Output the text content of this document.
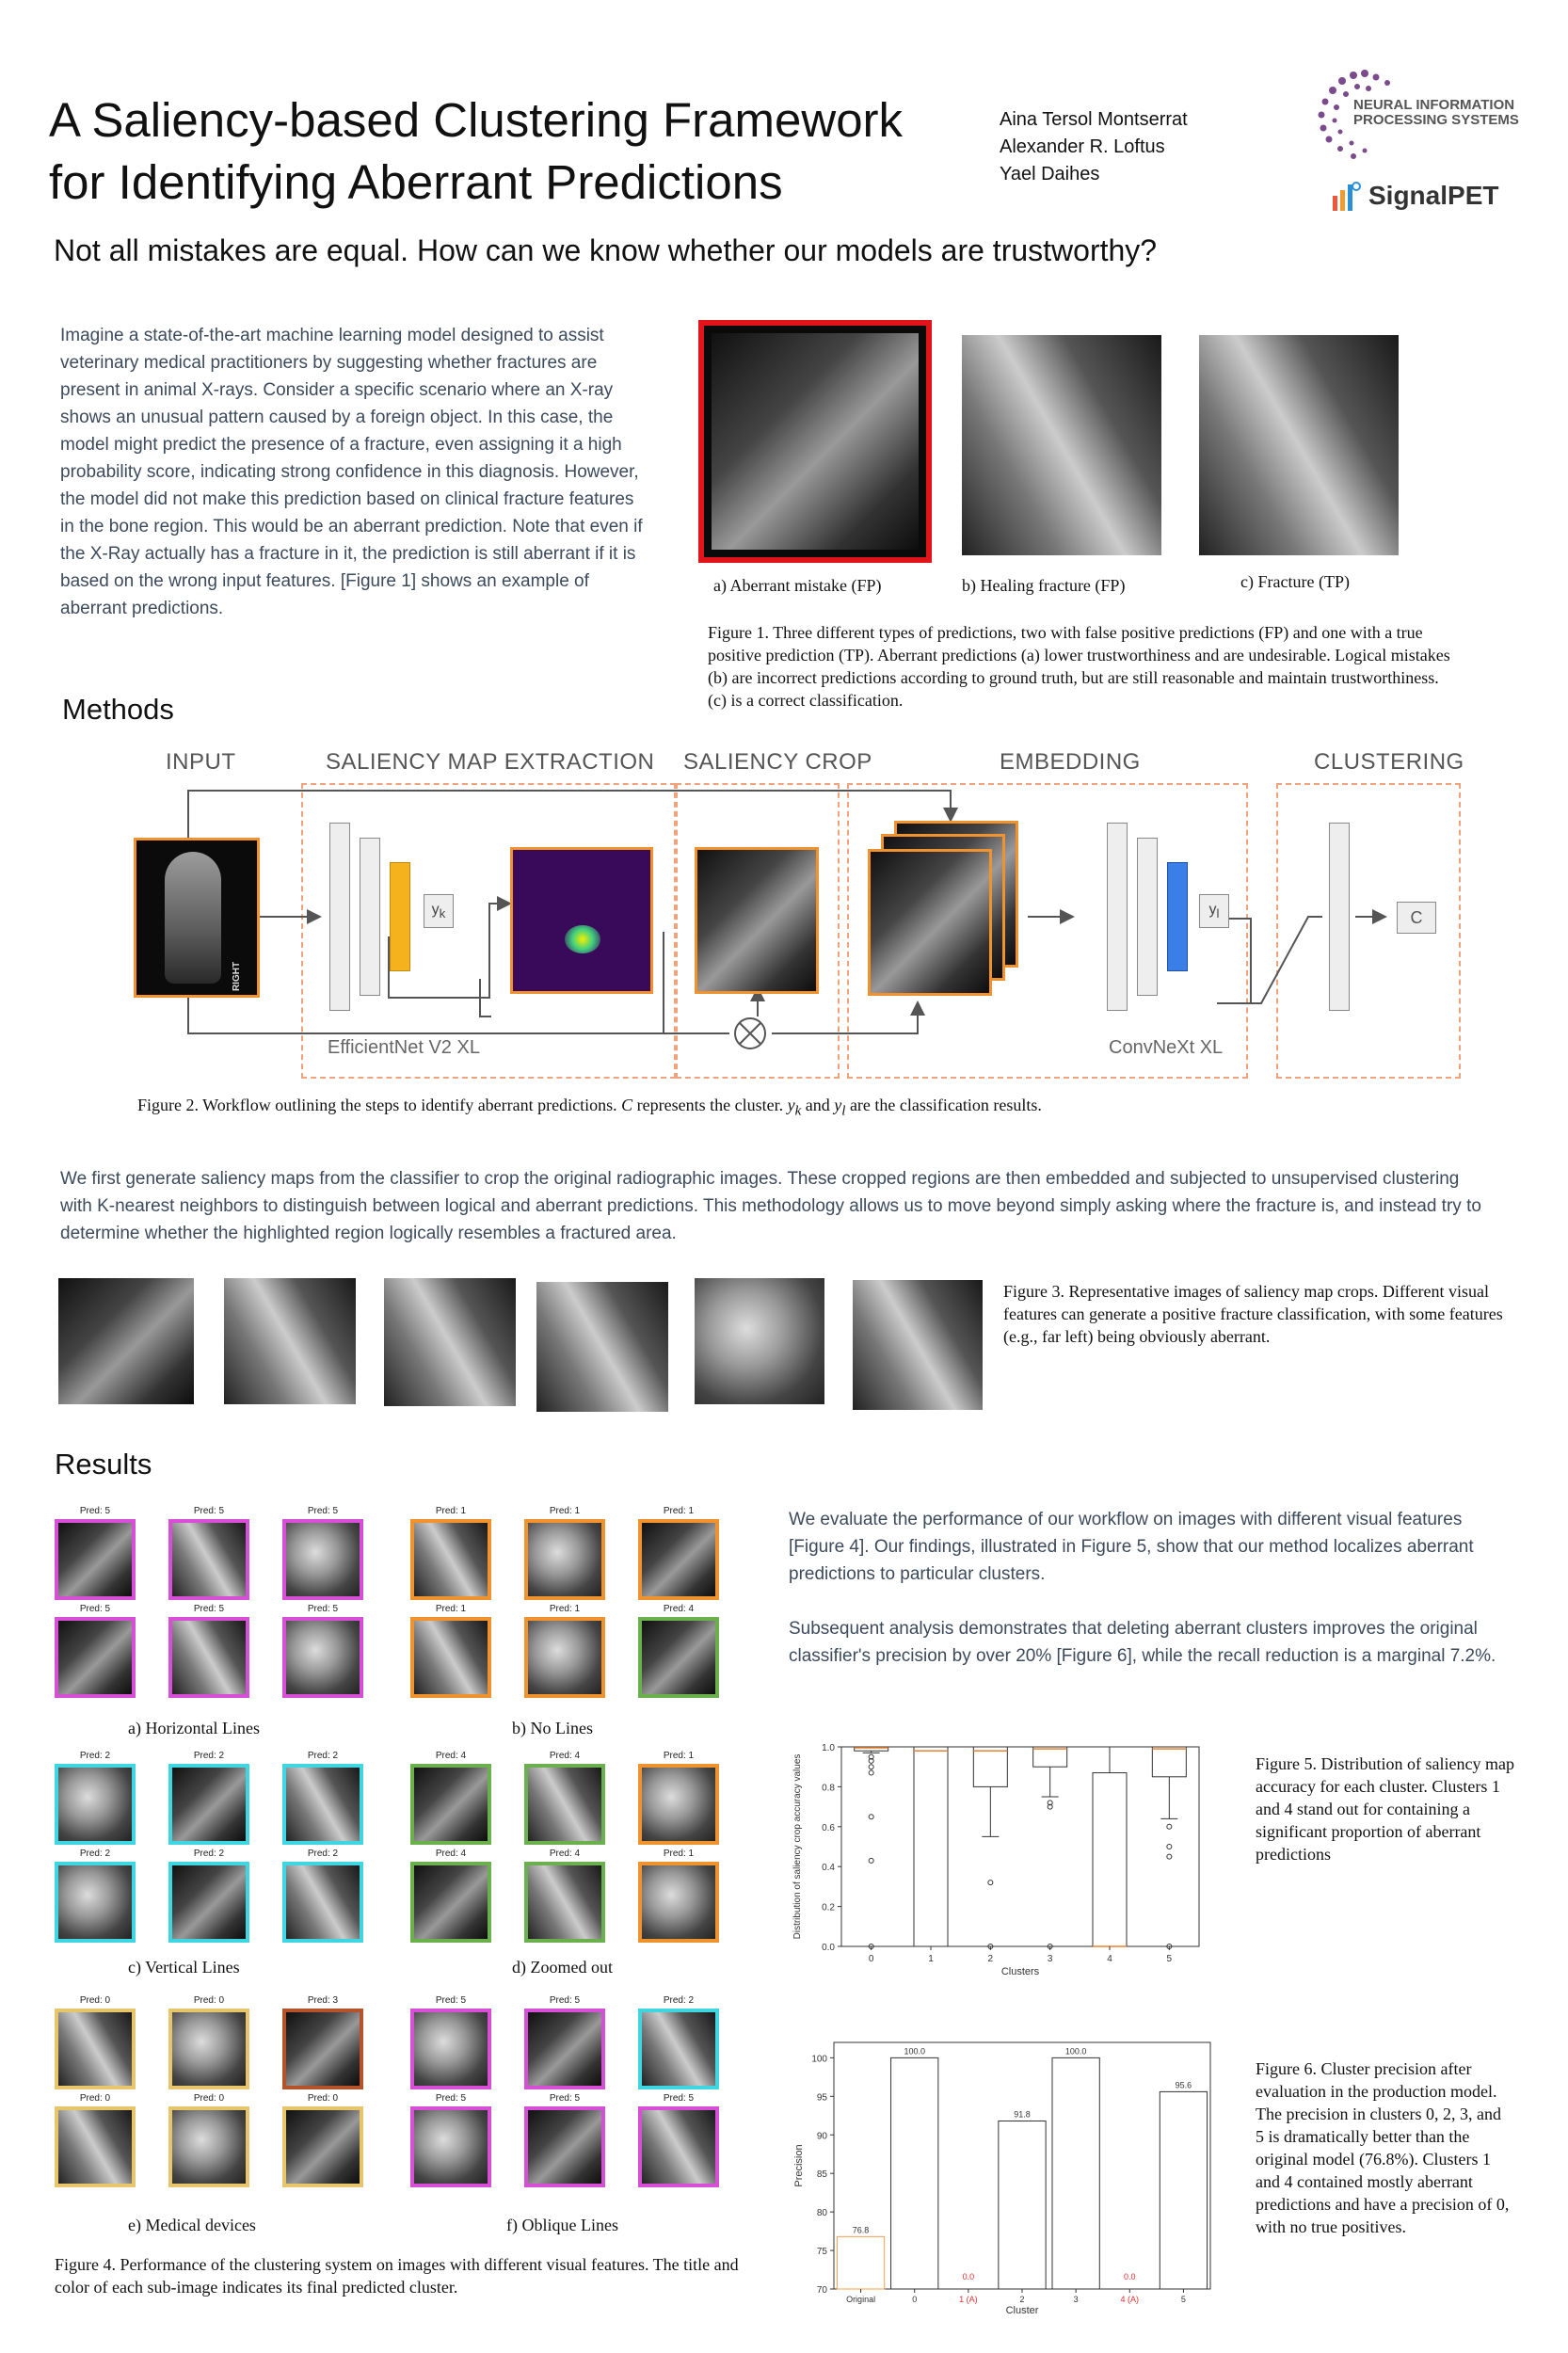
A Saliency-based Clustering Framework
for Identifying Aberrant Predictions
Aina Tersol Montserrat
Alexander R. Loftus
Yael Daihes
NEURAL INFORMATION PROCESSING SYSTEMS
SignalPET
Not all mistakes are equal. How can we know whether our models are trustworthy?
Imagine a state-of-the-art machine learning model designed to assist veterinary medical practitioners by suggesting whether fractures are present in animal X-rays. Consider a specific scenario where an X-ray shows an unusual pattern caused by a foreign object. In this case, the model might predict the presence of a fracture, even assigning it a high probability score, indicating strong confidence in this diagnosis. However, the model did not make this prediction based on clinical fracture features in the bone region. This would be an aberrant prediction. Note that even if the X-Ray actually has a fracture in it, the prediction is still aberrant if it is based on the wrong input features. [Figure 1] shows an example of aberrant predictions.
a) Aberrant mistake (FP)	b) Healing fracture (FP)	c) Fracture (TP)
Figure 1. Three different types of predictions, two with false positive predictions (FP) and one with a true positive prediction (TP). Aberrant predictions (a) lower trustworthiness and are undesirable. Logical mistakes (b) are incorrect predictions according to ground truth, but are still reasonable and maintain trustworthiness. (c) is a correct classification.
Methods
INPUT	SALIENCY MAP EXTRACTION SALIENCY CROP	EMBEDDING	CLUSTERING
RIGHT
$y_k$	$y_l$	C
EfficientNet V2 XL	ConvNeXt XL
Figure 2. Workflow outlining the steps to identify aberrant predictions. C represents the cluster. $y_k$ and $y_l$ are the classification results.
We first generate saliency maps from the classifier to crop the original radiographic images. These cropped regions are then embedded and subjected to unsupervised clustering with K-nearest neighbors to distinguish between logical and aberrant predictions. This methodology allows us to move beyond simply asking where the fracture is, and instead try to determine whether the highlighted region logically resembles a fractured area.
Figure 3. Representative images of saliency map crops. Different visual features can generate a positive fracture classification, with some features (e.g., far left) being obviously aberrant.
Results
Pred: 5	Pred: 5	Pred: 5
Pred: 5	Pred: 5	Pred: 5
a) Horizontal Lines
Pred: 1	Pred: 1	Pred: 1
Pred: 1	Pred: 1	Pred: 4
b) No Lines
Pred: 2	Pred: 2	Pred: 2
Pred: 2	Pred: 2	Pred: 2
c) Vertical Lines
Pred: 4	Pred: 4	Pred: 1
Pred: 4	Pred: 4	Pred: 1
d) Zoomed out
Pred: 0	Pred: 0	Pred: 3
Pred: 0	Pred: 0	Pred: 0
e) Medical devices
Pred: 5	Pred: 5	Pred: 2
Pred: 5	Pred: 5	Pred: 5
f) Oblique Lines
Figure 4. Performance of the clustering system on images with different visual features. The title and color of each sub-image indicates its final predicted cluster.
We evaluate the performance of our workflow on images with different visual features [Figure 4]. Our findings, illustrated in Figure 5, show that our method localizes aberrant predictions to particular clusters.
Subsequent analysis demonstrates that deleting aberrant clusters improves the original classifier's precision by over 20% [Figure 6], while the recall reduction is a marginal 7.2%.
0.0
0.2
0.4
0.6
0.8
1.0
0	1	2	3	4	5
Clusters
Distribution of saliency crop accuracy values	Figure 5. Distribution of saliency map accuracy for each cluster. Clusters 1 and 4 stand out for containing a significant proportion of aberrant predictions
70
75
80
85
90
95
100
76.8
Original
100.0
0
0.0
1 (A)
91.8
2
100.0
3
0.0
4 (A)
95.6
5
Cluster
Precision
Figure 6. Cluster precision after evaluation in the production model. The precision in clusters 0, 2, 3, and 5 is dramatically better than the original model (76.8%). Clusters 1 and 4 contained mostly aberrant predictions and have a precision of 0, with no true positives.
